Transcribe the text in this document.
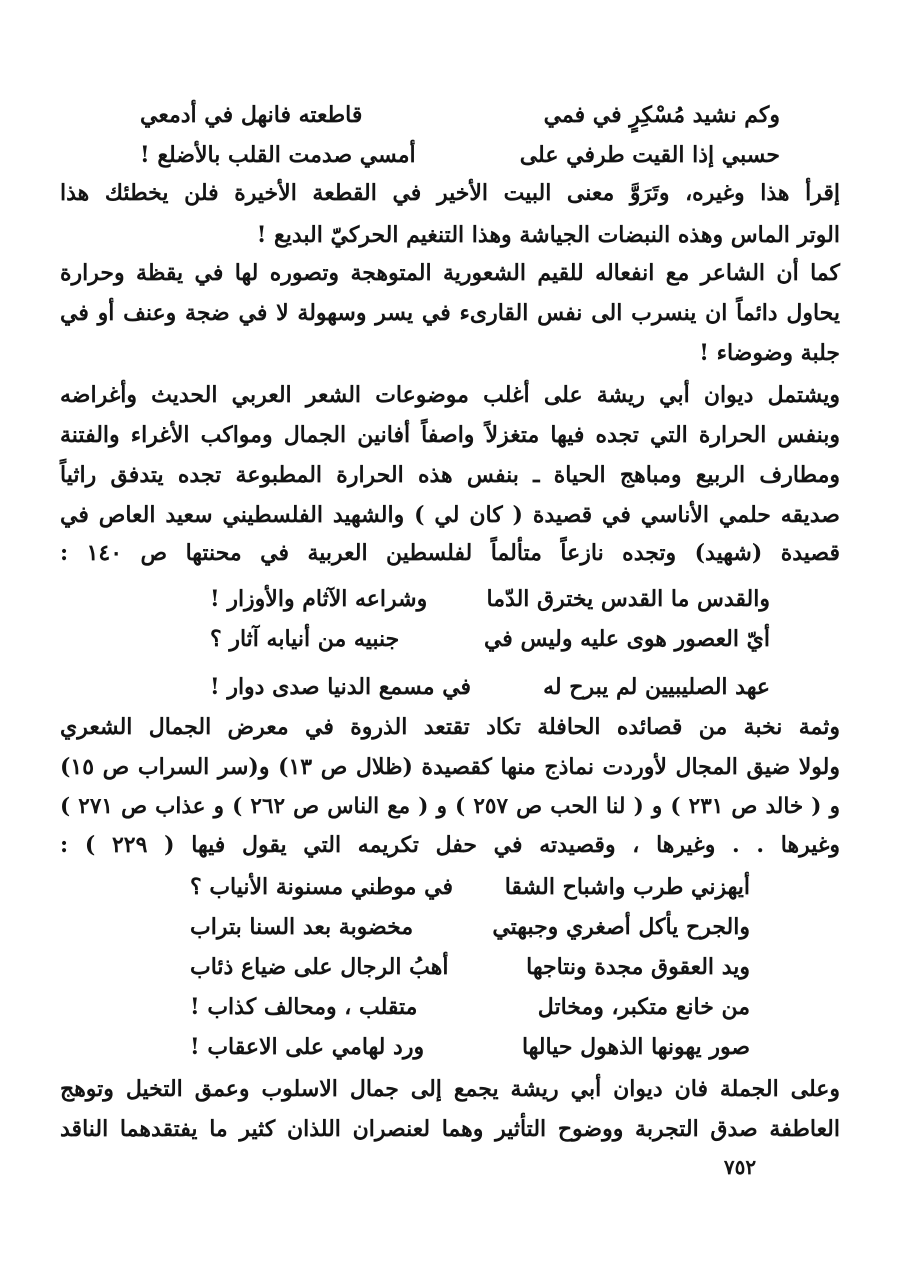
وكم نشيد مُسْكِرٍ في فمي
قاطعته فانهل في أدمعي
حسبي إذا القيت طرفي على
أمسي صدمت القلب بالأضلع !
إقرأ هذا وغيره، وتَرَوَّ معنى البيت الأخير في القطعة الأخيرة فلن يخطئك هذا
الوتر الماس وهذه النبضات الجياشة وهذا التنغيم الحركيّ البديع !
كما أن الشاعر مع انفعاله للقيم الشعورية المتوهجة وتصوره لها في يقظة وحرارة
يحاول دائماً ان ينسرب الى نفس القارىء في يسر وسهولة لا في ضجة وعنف أو في
جلبة وضوضاء !
ويشتمل ديوان أبي ريشة على أغلب موضوعات الشعر العربي الحديث وأغراضه
وبنفس الحرارة التي تجده فيها متغزلاً واصفاً أفانين الجمال ومواكب الأغراء والفتنة
ومطارف الربيع ومباهج الحياة ـ بنفس هذه الحرارة المطبوعة تجده يتدفق راثياً
صديقه حلمي الأناسي في قصيدة ( كان لي ) والشهيد الفلسطيني سعيد العاص في
قصيدة (شهيد) وتجده نازعاً متألماً لفلسطين العربية في محنتها ص ١٤٠ :
والقدس ما القدس يخترق الدّما
وشراعه الآثام والأوزار !
أيّ العصور هوى عليه وليس في
جنبيه من أنيابه آثار ؟
عهد الصليبيين لم يبرح له
في مسمع الدنيا صدى دوار !
وثمة نخبة من قصائده الحافلة تكاد تقتعد الذروة في معرض الجمال الشعري
ولولا ضيق المجال لأوردت نماذج منها كقصيدة (ظلال ص ١٣) و(سر السراب ص ١٥)
و ( خالد ص ٢٣١ ) و ( لنا الحب ص ٢٥٧ ) و ( مع الناس ص ٢٦٢ ) و عذاب ص ٢٧١ )
وغيرها . . وغيرها ، وقصيدته في حفل تكريمه التي يقول فيها ( ٢٢٩ ) :
أيهزني طرب واشباح الشقا
في موطني مسنونة الأنياب ؟
والجرح يأكل أصغري وجبهتي
مخضوبة بعد السنا بتراب
ويد العقوق مجدة ونتاجها
أهبُ الرجال على ضياع ذئاب
من خانع متكبر، ومخاتل
متقلب ، ومحالف كذاب !
صور يهونها الذهول حيالها
ورد لهامي على الاعقاب !
وعلى الجملة فان ديوان أبي ريشة يجمع إلى جمال الاسلوب وعمق التخيل وتوهج
العاطفة صدق التجربة ووضوح التأثير وهما لعنصران اللذان كثير ما يفتقدهما الناقد
٧٥٢
